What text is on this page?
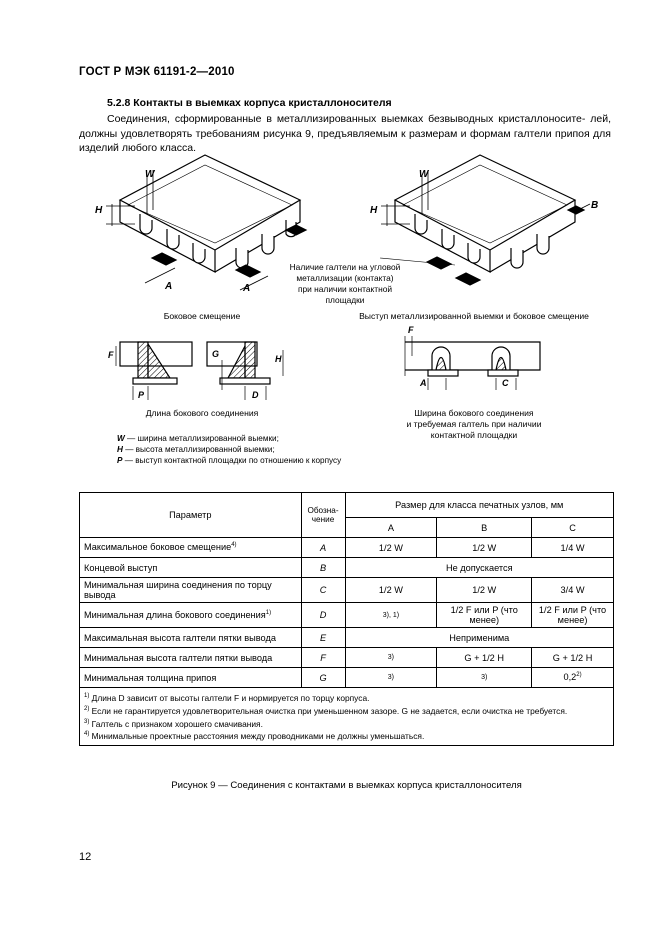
ГОСТ Р МЭК 61191-2—2010
5.2.8 Контакты в выемках корпуса кристаллоносителя

Соединения, сформированные в металлизированных выемках безвыводных кристаллоносите- лей, должны удовлетворять требованиям рисунка 9, предъявляемым к размерам и формам галтели припоя для изделий любого класса.

W
H
A	A
W
H	B
Наличие галтели на угловой
металлизации (контакта)
при наличии контактной
площадки
Боковое смещение	Выступ металлизированной выемки и боковое смещение
F
P
G	H
D
Длина бокового соединения
F
A	C
Ширина бокового соединения
и требуемая галтель при наличии
контактной площадки
W — ширина металлизированной выемки;
H — высота металлизированной выемки;
P — выступ контактной площадки по отношению к корпусу
Параметр	Обозна- чение	Размер для класса печатных узлов, мм		
		A	B	C
Максимальное боковое смещение$^{4)}$	A	1/2 W	1/2 W	1/4 W
Концевой выступ	B	Не допускается		
Минимальная ширина соединения по торцу вывода	C	1/2 W	1/2 W	3/4 W
Минимальная длина бокового соединения$^{1)}$	D	3), 1)	1/2 F или P (что менее)	1/2 F или P (что менее)
Максимальная высота галтели пятки вывода	E	Неприменима		
Минимальная высота галтели пятки вывода	F	3)	G + 1/2 H	G + 1/2 H
Минимальная толщина припоя	G	3)	3)	0,2$^{2)}$

$^{1)}$ Длина D зависит от высоты галтели F и нормируется по торцу корпуса.
$^{2)}$ Если не гарантируется удовлетворительная очистка при уменьшенном зазоре. G не задается, если очистка не требуется.
$^{3)}$ Галтель с признаком хорошего смачивания.
$^{4)}$ Минимальные проектные расстояния между проводниками не должны уменьшаться.				
Рисунок 9 — Соединения с контактами в выемках корпуса кристаллоносителя
12
